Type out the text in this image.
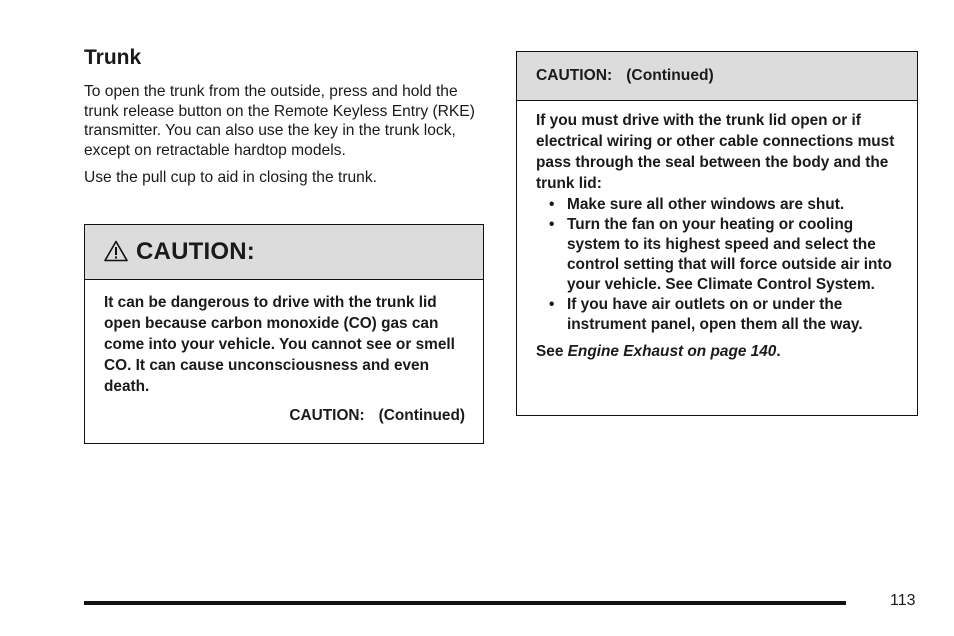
Trunk

To open the trunk from the outside, press and hold the trunk release button on the Remote Keyless Entry (RKE) transmitter. You can also use the key in the trunk lock, except on retractable hardtop models.

Use the pull cup to aid in closing the trunk.

CAUTION:
It can be dangerous to drive with the trunk lid open because carbon monoxide (CO) gas can come into your vehicle. You cannot see or smell CO. It can cause unconsciousness and even death.
CAUTION: (Continued)
CAUTION: (Continued)
If you must drive with the trunk lid open or if electrical wiring or other cable connections must pass through the seal between the body and the trunk lid:
• Make sure all other windows are shut.
• Turn the fan on your heating or cooling system to its highest speed and select the control setting that will force outside air into your vehicle. See Climate Control System.
• If you have air outlets on or under the instrument panel, open them all the way.
See Engine Exhaust on page 140.
113
